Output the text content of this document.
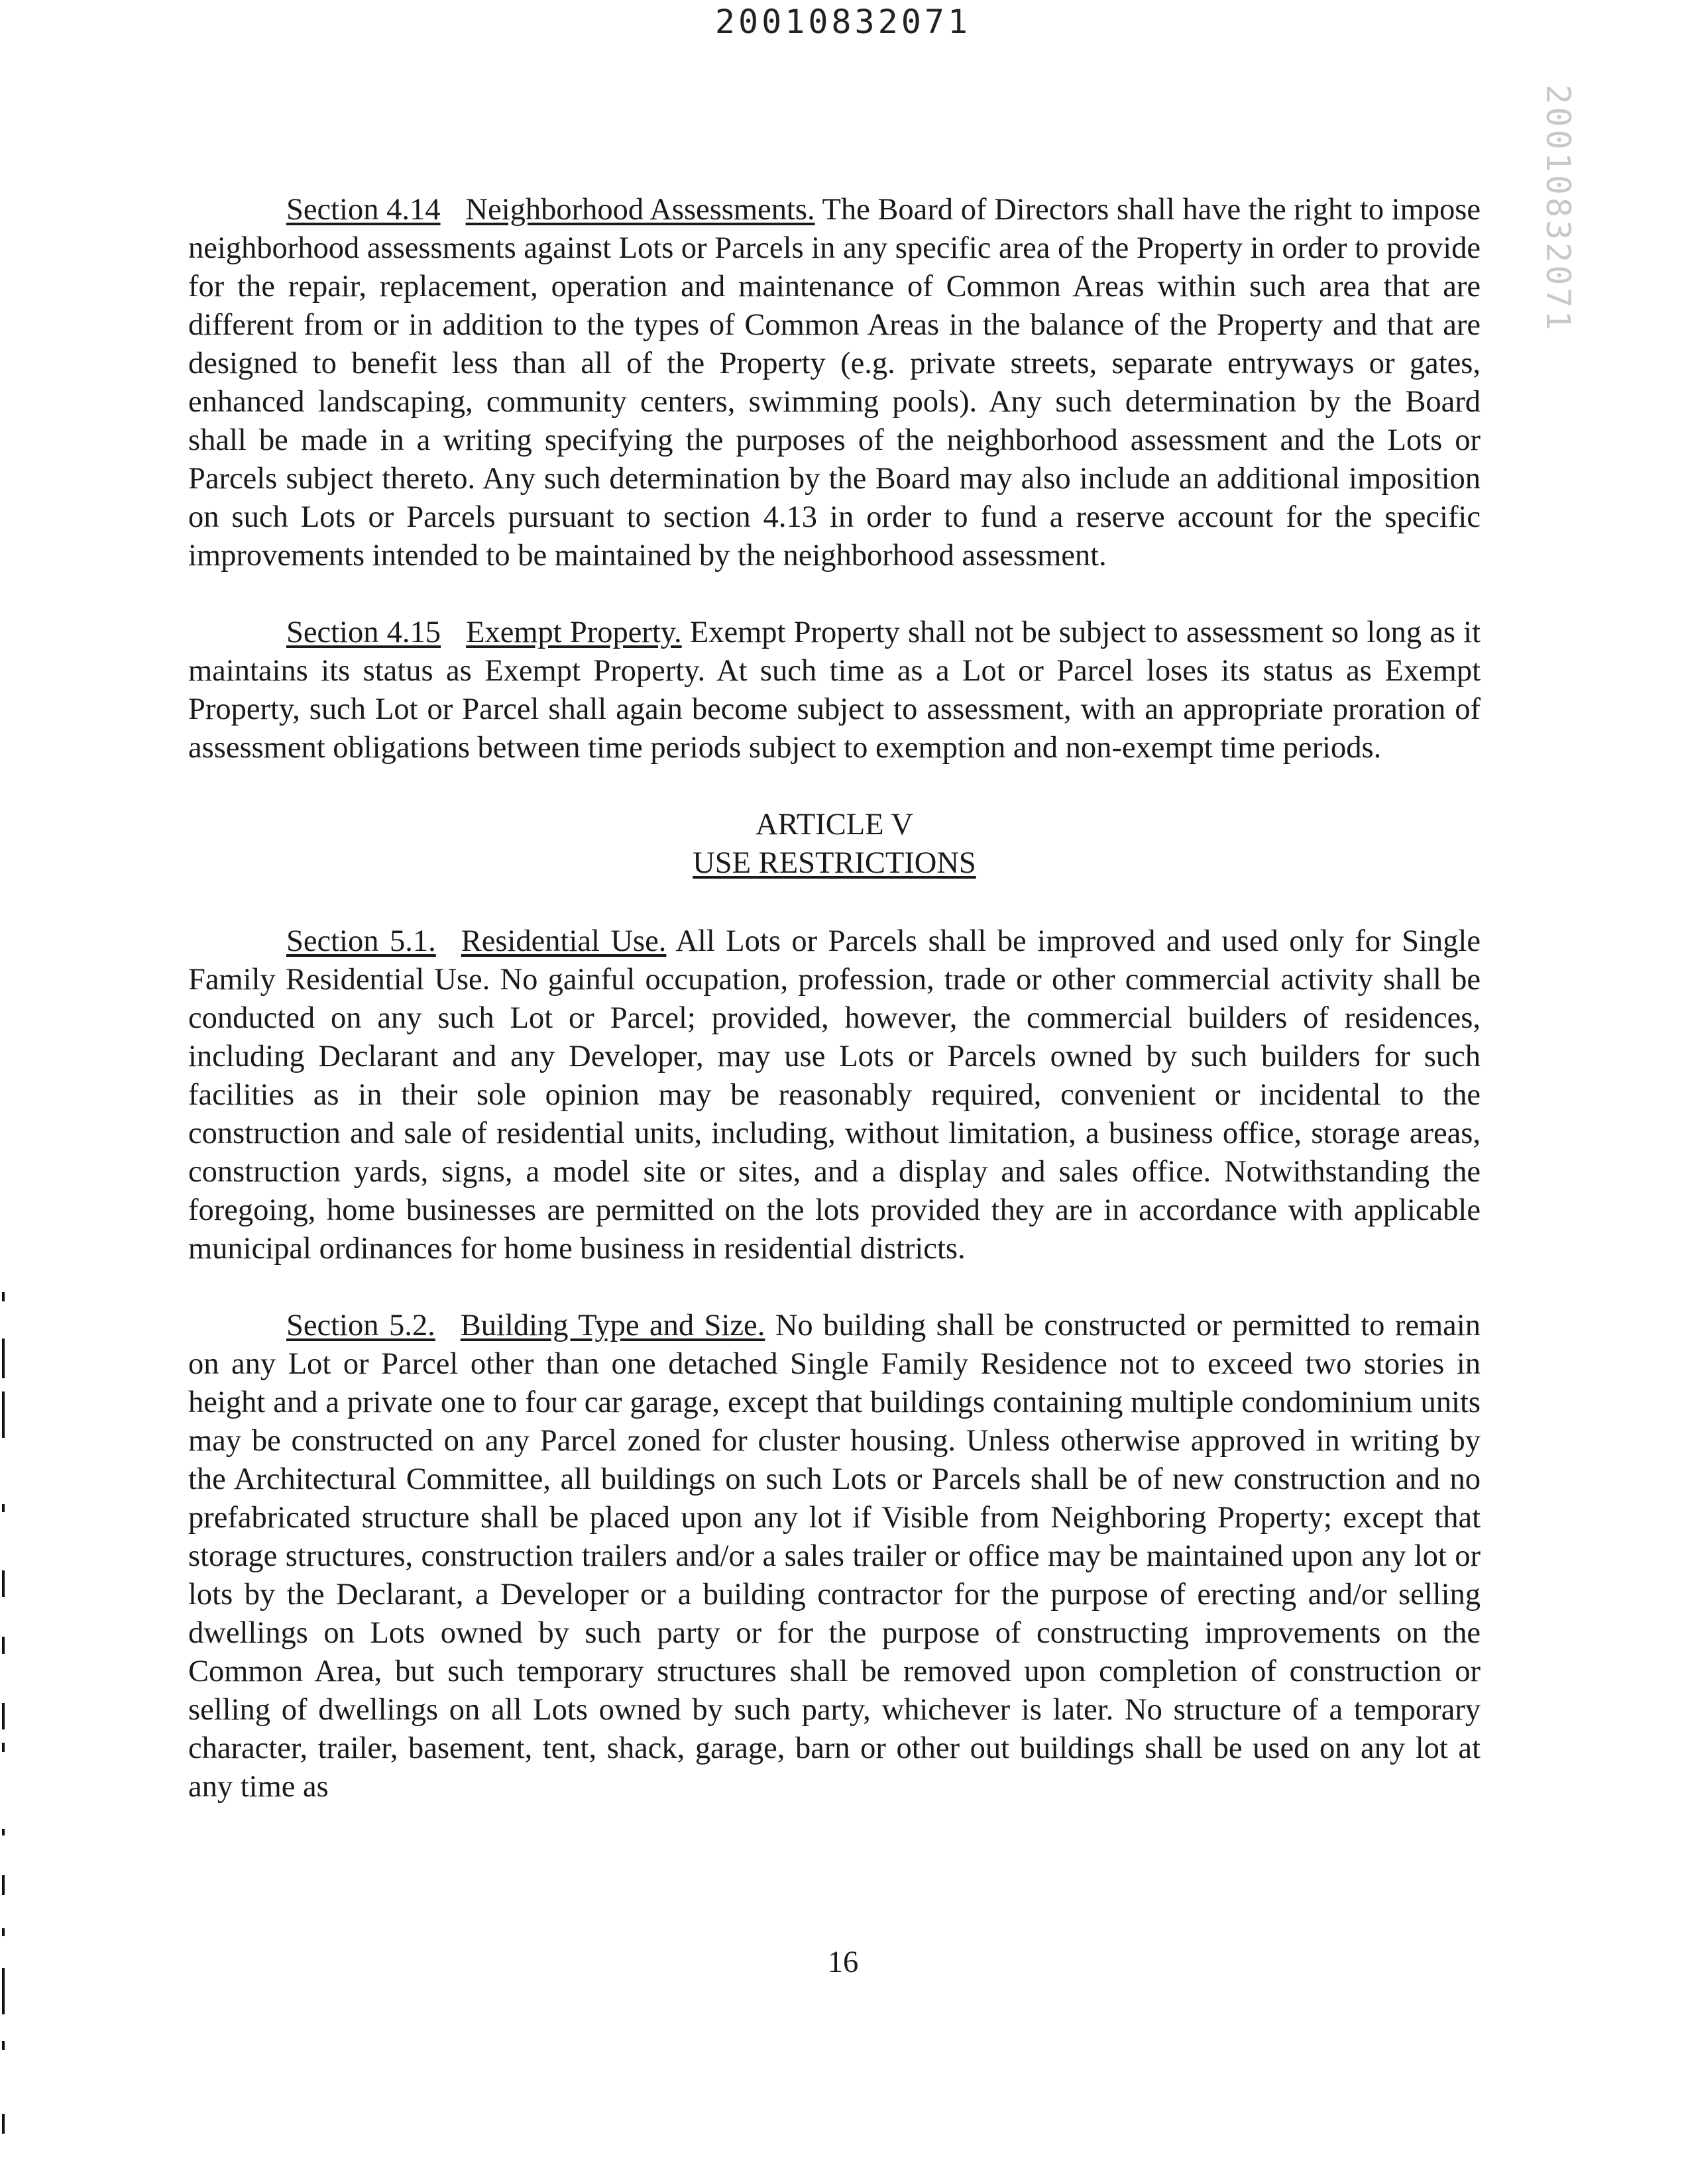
20010832071
20010832071

Section 4.14 Neighborhood Assessments. The Board of Directors shall have the right to impose neighborhood assessments against Lots or Parcels in any specific area of the Property in order to provide for the repair, replacement, operation and maintenance of Common Areas within such area that are different from or in addition to the types of Common Areas in the balance of the Property and that are designed to benefit less than all of the Property (e.g. private streets, separate entryways or gates, enhanced landscaping, community centers, swimming pools). Any such determination by the Board shall be made in a writing specifying the purposes of the neighborhood assessment and the Lots or Parcels subject thereto. Any such determination by the Board may also include an additional imposition on such Lots or Parcels pursuant to section 4.13 in order to fund a reserve account for the specific improvements intended to be maintained by the neighborhood assessment.

Section 4.15 Exempt Property. Exempt Property shall not be subject to assessment so long as it maintains its status as Exempt Property. At such time as a Lot or Parcel loses its status as Exempt Property, such Lot or Parcel shall again become subject to assessment, with an appropriate proration of assessment obligations between time periods subject to exemption and non-exempt time periods.

ARTICLE V
USE RESTRICTIONS

Section 5.1. Residential Use. All Lots or Parcels shall be improved and used only for Single Family Residential Use. No gainful occupation, profession, trade or other commercial activity shall be conducted on any such Lot or Parcel; provided, however, the commercial builders of residences, including Declarant and any Developer, may use Lots or Parcels owned by such builders for such facilities as in their sole opinion may be reasonably required, convenient or incidental to the construction and sale of residential units, including, without limitation, a business office, storage areas, construction yards, signs, a model site or sites, and a display and sales office. Notwithstanding the foregoing, home businesses are permitted on the lots provided they are in accordance with applicable municipal ordinances for home business in residential districts.

Section 5.2. Building Type and Size. No building shall be constructed or permitted to remain on any Lot or Parcel other than one detached Single Family Residence not to exceed two stories in height and a private one to four car garage, except that buildings containing multiple condominium units may be constructed on any Parcel zoned for cluster housing. Unless otherwise approved in writing by the Architectural Committee, all buildings on such Lots or Parcels shall be of new construction and no prefabricated structure shall be placed upon any lot if Visible from Neighboring Property; except that storage structures, construction trailers and/or a sales trailer or office may be maintained upon any lot or lots by the Declarant, a Developer or a building contractor for the purpose of erecting and/or selling dwellings on Lots owned by such party or for the purpose of constructing improvements on the Common Area, but such temporary structures shall be removed upon completion of construction or selling of dwellings on all Lots owned by such party, whichever is later. No structure of a temporary character, trailer, basement, tent, shack, garage, barn or other out buildings shall be used on any lot at any time as

16
